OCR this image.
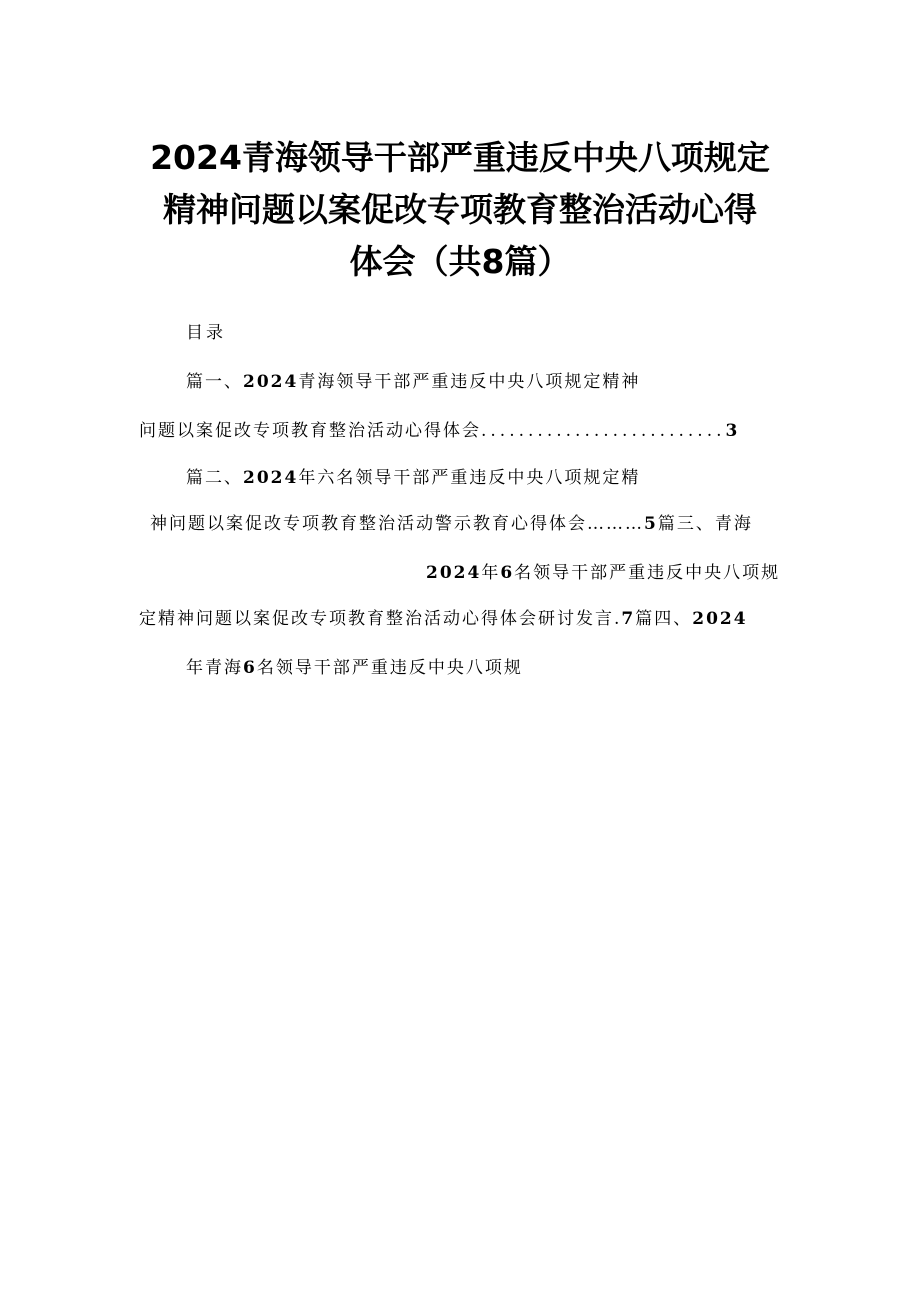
2024青海领导干部严重违反中央八项规定
精神问题以案促改专项教育整治活动心得
体会（共8篇）
目录
篇一、2024青海领导干部严重违反中央八项规定精神
问题以案促改专项教育整治活动心得体会..........................3
篇二、2024年六名领导干部严重违反中央八项规定精
神问题以案促改专项教育整治活动警示教育心得体会………5篇三、青海
2024年6名领导干部严重违反中央八项规
定精神问题以案促改专项教育整治活动心得体会研讨发言.7篇四、2024
年青海6名领导干部严重违反中央八项规
